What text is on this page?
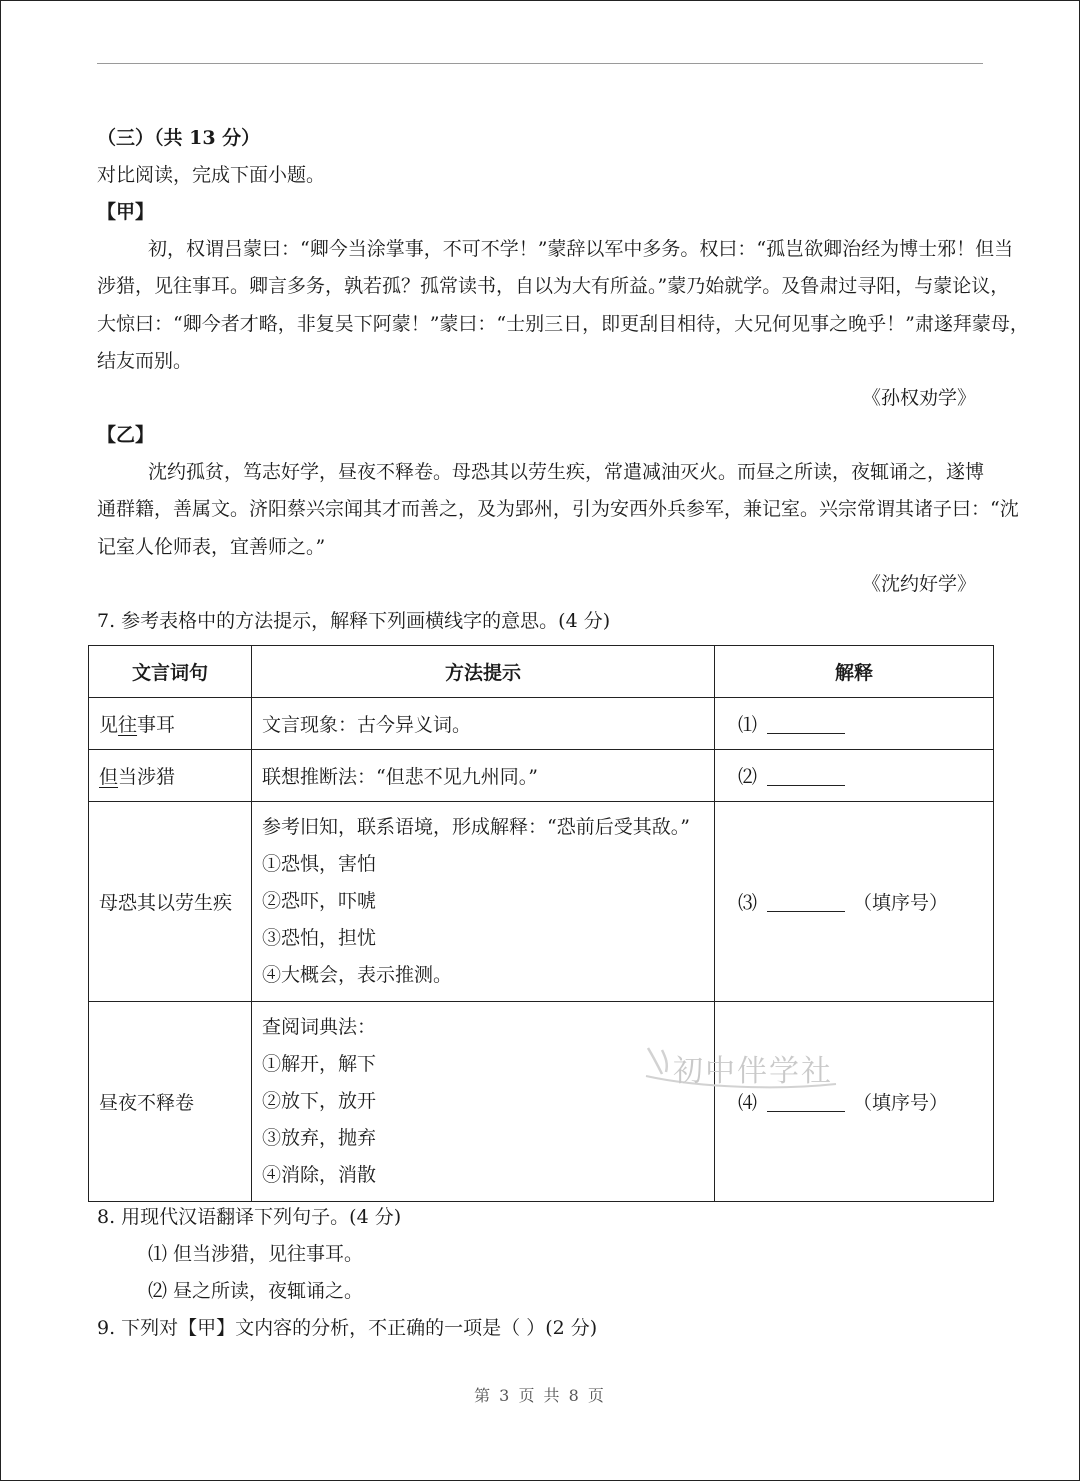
（三）（共 13 分）
对比阅读，完成下面小题。
【甲】
初，权谓吕蒙曰：“卿今当涂掌事，不可不学！”蒙辞以军中多务。权曰：“孤岂欲卿治经为博士邪！但当
涉猎，见往事耳。卿言多务，孰若孤？孤常读书，自以为大有所益。”蒙乃始就学。及鲁肃过寻阳，与蒙论议，
大惊曰：“卿今者才略，非复吴下阿蒙！”蒙曰：“士别三日，即更刮目相待，大兄何见事之晚乎！”肃遂拜蒙母，
结友而别。
《孙权劝学》
【乙】
沈约孤贫，笃志好学，昼夜不释卷。母恐其以劳生疾，常遣减油灭火。而昼之所读，夜辄诵之，遂博
通群籍，善属文。济阳蔡兴宗闻其才而善之，及为郢州，引为安西外兵参军，兼记室。兴宗常谓其诸子曰：“沈
记室人伦师表，宜善师之。”
《沈约好学》
7. 参考表格中的方法提示，解释下列画横线字的意思。(4 分)
文言词句	方法提示	解释
见往事耳	文言现象：古今异义词。	⑴
但当涉猎	联想推断法：“但悲不见九州同。”	⑵
母恐其以劳生疾	参考旧知，联系语境，形成解释：“恐前后受其敌。”
①恐惧，害怕
②恐吓，吓唬
③恐怕，担忧
④大概会，表示推测。	⑶ （填序号）
昼夜不释卷	查阅词典法：
①解开，解下
②放下，放开
③放弃，抛弃
④消除，消散	⑷ （填序号）
8. 用现代汉语翻译下列句子。(4 分)
⑴ 但当涉猎，见往事耳。
⑵ 昼之所读，夜辄诵之。
9. 下列对【甲】文内容的分析，不正确的一项是（ ）(2 分)
初中伴学社
第 3 页 共 8 页
